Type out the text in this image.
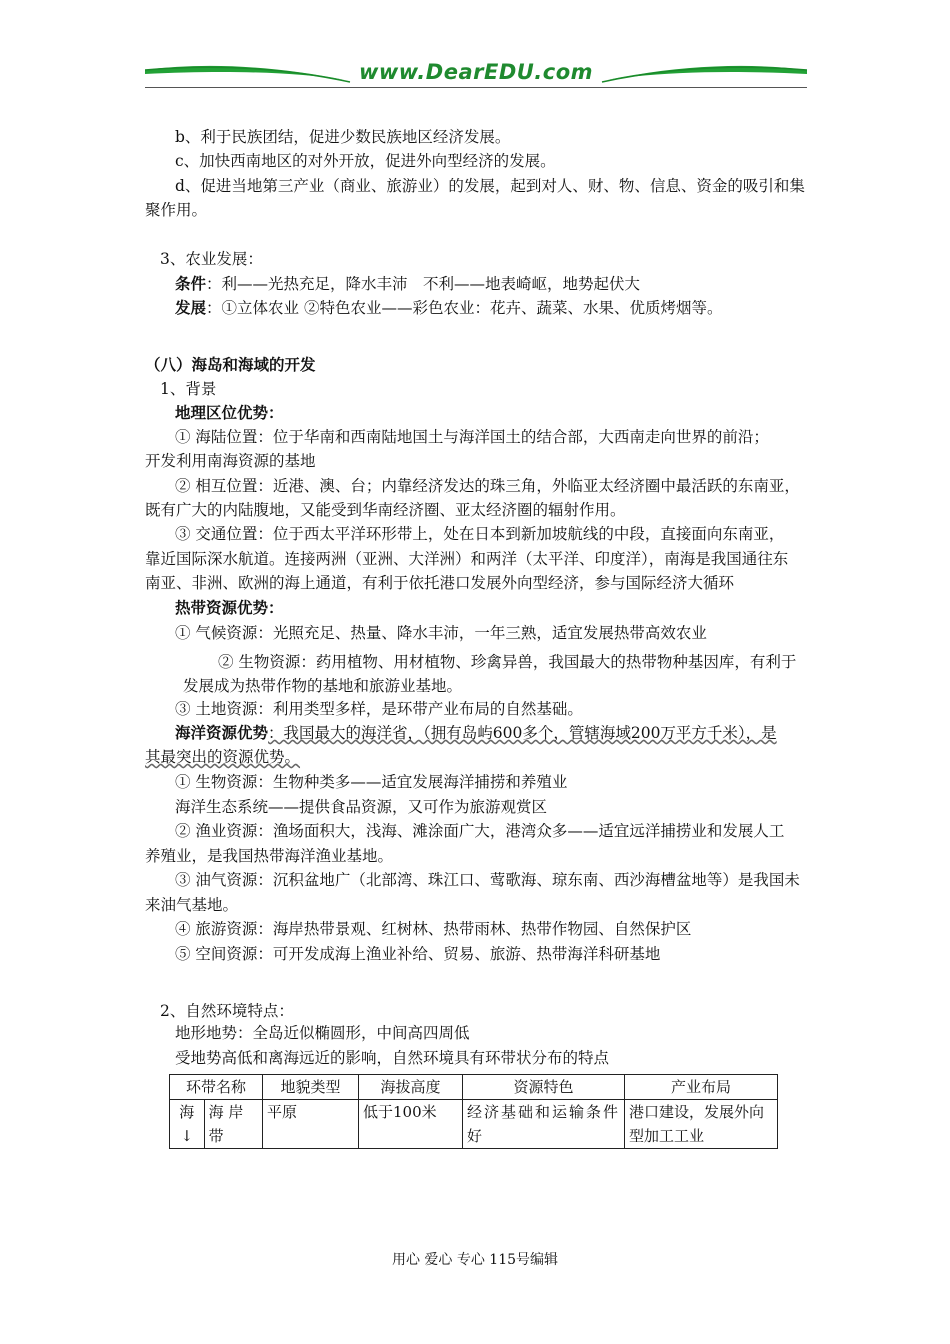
www.DearEDU.com
b、利于民族团结，促进少数民族地区经济发展。
c、加快西南地区的对外开放，促进外向型经济的发展。
d、促进当地第三产业（商业、旅游业）的发展，起到对人、财、物、信息、资金的吸引和集
聚作用。
3、农业发展：
条件：利——光热充足，降水丰沛　不利——地表崎岖，地势起伏大
发展：①立体农业 ②特色农业——彩色农业：花卉、蔬菜、水果、优质烤烟等。
（八）海岛和海域的开发
1、背景
地理区位优势：
① 海陆位置：位于华南和西南陆地国土与海洋国土的结合部，大西南走向世界的前沿；
开发利用南海资源的基地
② 相互位置：近港、澳、台；内靠经济发达的珠三角，外临亚太经济圈中最活跃的东南亚，
既有广大的内陆腹地，又能受到华南经济圈、亚太经济圈的辐射作用。
③ 交通位置：位于西太平洋环形带上，处在日本到新加坡航线的中段，直接面向东南亚，
靠近国际深水航道。连接两洲（亚洲、大洋洲）和两洋（太平洋、印度洋），南海是我国通往东
南亚、非洲、欧洲的海上通道，有利于依托港口发展外向型经济，参与国际经济大循环
热带资源优势：
① 气候资源：光照充足、热量、降水丰沛，一年三熟，适宜发展热带高效农业
② 生物资源：药用植物、用材植物、珍禽异兽，我国最大的热带物种基因库，有利于
发展成为热带作物的基地和旅游业基地。
③ 土地资源：利用类型多样，是环带产业布局的自然基础。
海洋资源优势：我国最大的海洋省，（拥有岛屿600多个，管辖海域200万平方千米），是
其最突出的资源优势。
① 生物资源：生物种类多——适宜发展海洋捕捞和养殖业
海洋生态系统——提供食品资源，又可作为旅游观赏区
② 渔业资源：渔场面积大，浅海、滩涂面广大，港湾众多——适宜远洋捕捞业和发展人工
养殖业，是我国热带海洋渔业基地。
③ 油气资源：沉积盆地广（北部湾、珠江口、莺歌海、琼东南、西沙海槽盆地等）是我国未
来油气基地。
④ 旅游资源：海岸热带景观、红树林、热带雨林、热带作物园、自然保护区
⑤ 空间资源：可开发成海上渔业补给、贸易、旅游、热带海洋科研基地
2、自然环境特点：
地形地势：全岛近似椭圆形，中间高四周低
受地势高低和离海远近的影响，自然环境具有环带状分布的特点
环带名称		地貌类型	海拔高度	资源特色	产业布局

海
↓	海 岸 带	平原	低于100米	经济基础和运输条件好	港口建设，发展外向型加工工业
用心 爱心 专心 115号编辑
